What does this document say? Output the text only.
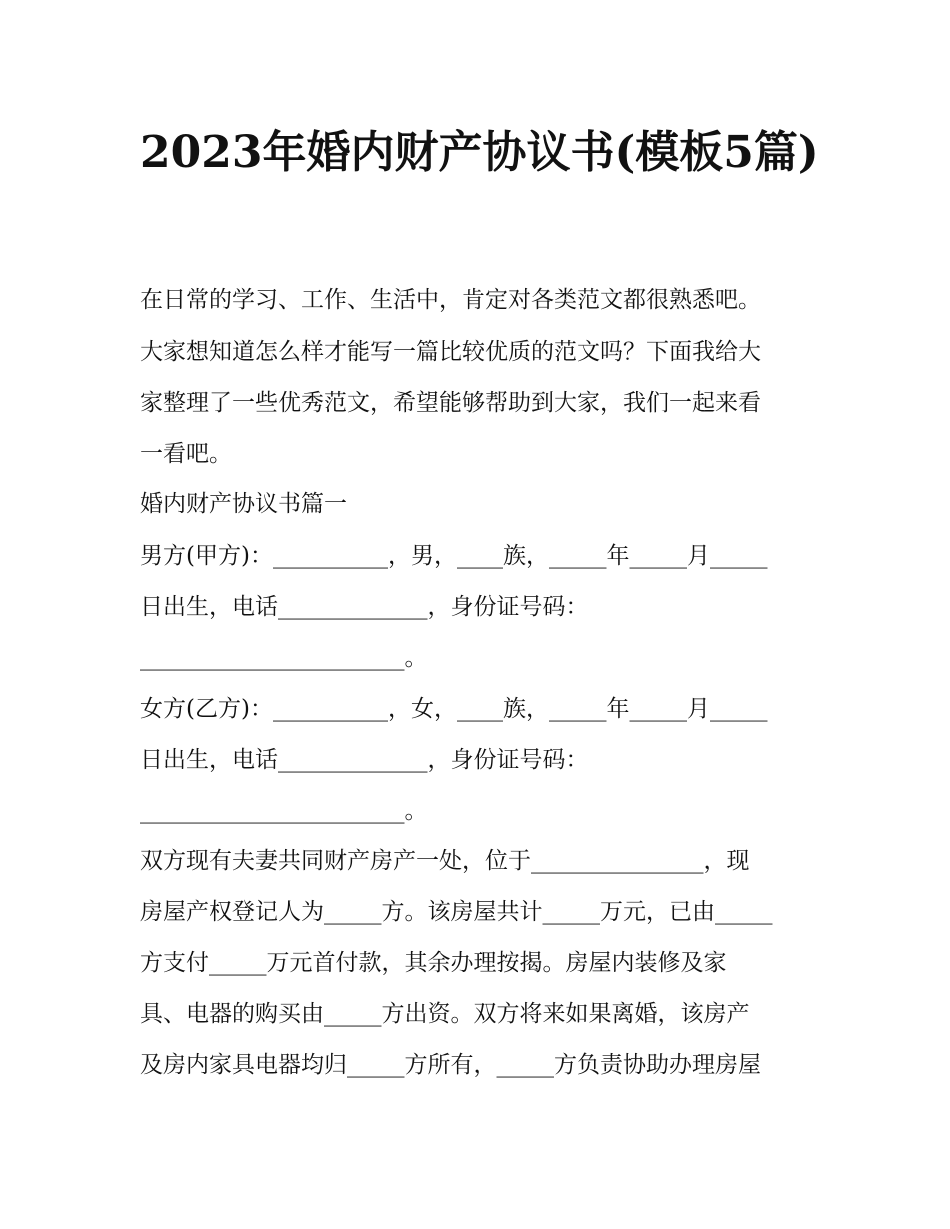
2023年婚内财产协议书(模板5篇)

在日常的学习、工作、生活中，肯定对各类范文都很熟悉吧。

大家想知道怎么样才能写一篇比较优质的范文吗？下面我给大

家整理了一些优秀范文，希望能够帮助到大家，我们一起来看

一看吧。

婚内财产协议书篇一

男方(甲方)：__________，男，____族，_____年_____月_____

日出生，电话_____________，身份证号码：

_______________________。

女方(乙方)：__________，女，____族，_____年_____月_____

日出生，电话_____________，身份证号码：

_______________________。

双方现有夫妻共同财产房产一处，位于_______________，现

房屋产权登记人为_____方。该房屋共计_____万元，已由_____

方支付_____万元首付款，其余办理按揭。房屋内装修及家

具、电器的购买由_____方出资。双方将来如果离婚，该房产

及房内家具电器均归_____方所有，_____方负责协助办理房屋
